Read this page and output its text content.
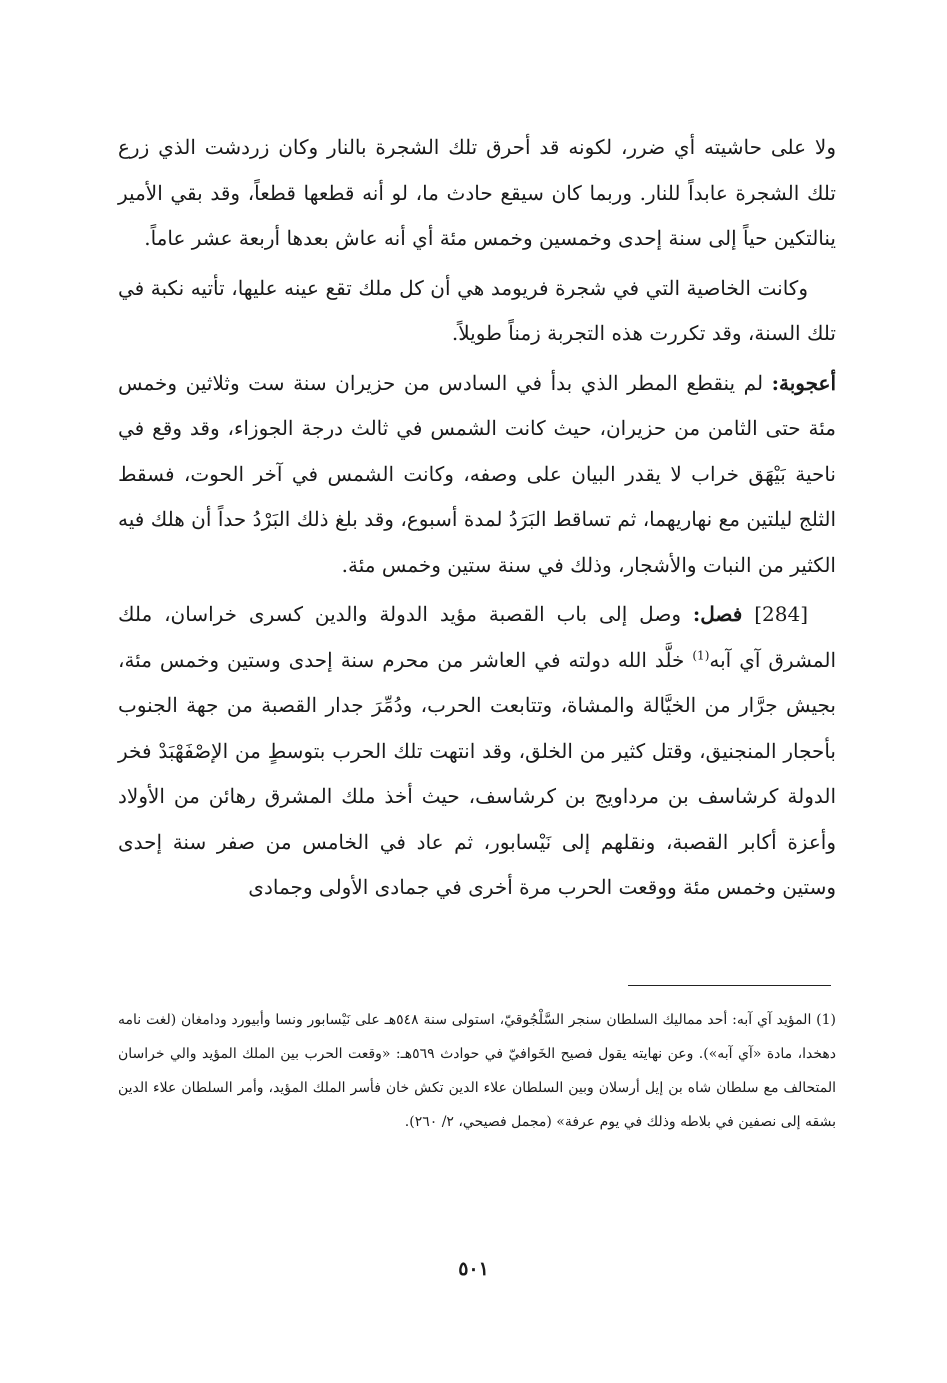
ولا على حاشيته أي ضرر، لكونه قد أحرق تلك الشجرة بالنار وكان زردشت الذي زرع تلك الشجرة عابداً للنار. وربما كان سيقع حادث ما، لو أنه قطعها قطعاً، وقد بقي الأمير ينالتكين حياً إلى سنة إحدى وخمسين وخمس مئة أي أنه عاش بعدها أربعة عشر عاماً.

وكانت الخاصية التي في شجرة فريومد هي أن كل ملك تقع عينه عليها، تأتيه نكبة في تلك السنة، وقد تكررت هذه التجربة زمناً طويلاً.

أعجوبة: لم ينقطع المطر الذي بدأ في السادس من حزيران سنة ست وثلاثين وخمس مئة حتى الثامن من حزيران، حيث كانت الشمس في ثالث درجة الجوزاء، وقد وقع في ناحية بَيْهَق خراب لا يقدر البيان على وصفه، وكانت الشمس في آخر الحوت، فسقط الثلج ليلتين مع نهاريهما، ثم تساقط البَرَدُ لمدة أسبوع، وقد بلغ ذلك البَرْدُ حداً أن هلك فيه الكثير من النبات والأشجار، وذلك في سنة ستين وخمس مئة.

[284] فصل: وصل إلى باب القصبة مؤيد الدولة والدين كسرى خراسان، ملك المشرق آي آبه$^{(1)}$ خلَّد الله دولته في العاشر من محرم سنة إحدى وستين وخمس مئة، بجيش جرَّار من الخيَّالة والمشاة، وتتابعت الحرب، ودُمِّرَ جدار القصبة من جهة الجنوب بأحجار المنجنيق، وقتل كثير من الخلق، وقد انتهت تلك الحرب بتوسطٍ من الإصْفَهْبَدْ فخر الدولة كرشاسف بن مرداويج بن كرشاسف، حيث أخذ ملك المشرق رهائن من الأولاد وأعزة أكابر القصبة، ونقلهم إلى نَيْسابور، ثم عاد في الخامس من صفر سنة إحدى وستين وخمس مئة ووقعت الحرب مرة أخرى في جمادى الأولى وجمادى

(1) المؤيد آي آبه: أحد مماليك السلطان سنجر السَّلْجُوقيّ، استولى سنة ٥٤٨هـ على نَيْسابور ونسا وأبيورد ودامغان (لغت نامه دهخدا، مادة «آي آبه»). وعن نهايته يقول فصيح الخَوافيّ في حوادث ٥٦٩هـ: «وقعت الحرب بين الملك المؤيد والي خراسان المتحالف مع سلطان شاه بن إيل أرسلان وبين السلطان علاء الدين تكش خان فأسر الملك المؤيد، وأمر السلطان علاء الدين بشقه إلى نصفين في بلاطه وذلك في يوم عرفة» (مجمل فصيحي، ٢/ ٢٦٠).

٥٠١
